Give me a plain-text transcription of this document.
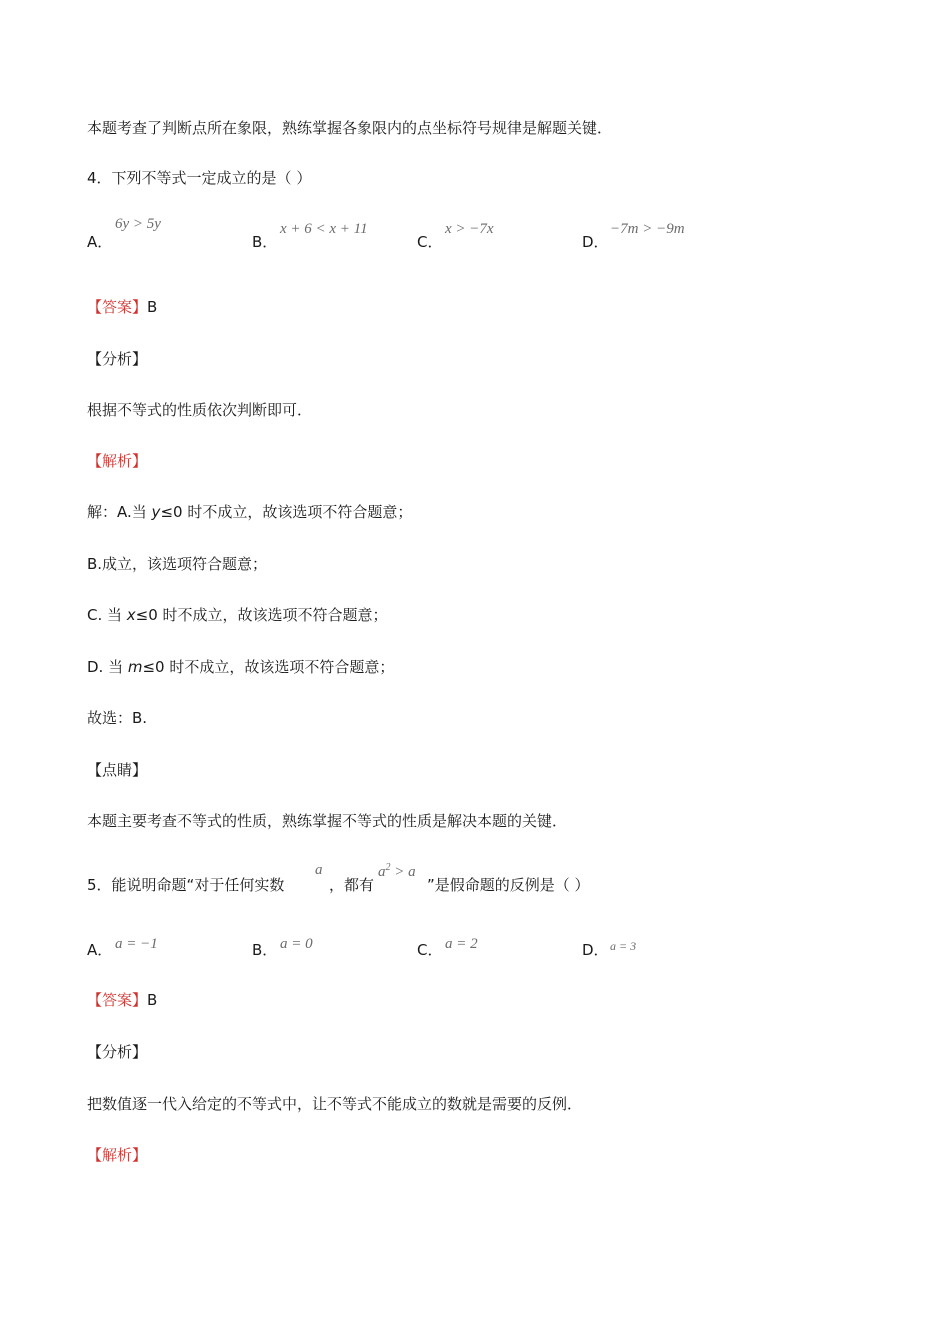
本题考查了判断点所在象限，熟练掌握各象限内的点坐标符号规律是解题关键．
4．下列不等式一定成立的是（ ）
A．
6y > 5y
B．
x + 6 < x + 11
C．
x > −7x
D．
−7m > −9m
【答案】B
【分析】
根据不等式的性质依次判断即可．
【解析】
解：A.当 y≤0 时不成立，故该选项不符合题意；
B.成立，该选项符合题意；
C. 当 x≤0 时不成立，故该选项不符合题意；
D. 当 m≤0 时不成立，故该选项不符合题意；
故选：B.
【点睛】
本题主要考查不等式的性质，熟练掌握不等式的性质是解决本题的关键．
5．能说明命题“对于任何实数
a
，都有
$a^2 > a$
”是假命题的反例是（ ）
A． a = −1	B． a = 0	C． a = 2	D． a = 3
【答案】B
【分析】
把数值逐一代入给定的不等式中，让不等式不能成立的数就是需要的反例．
【解析】
